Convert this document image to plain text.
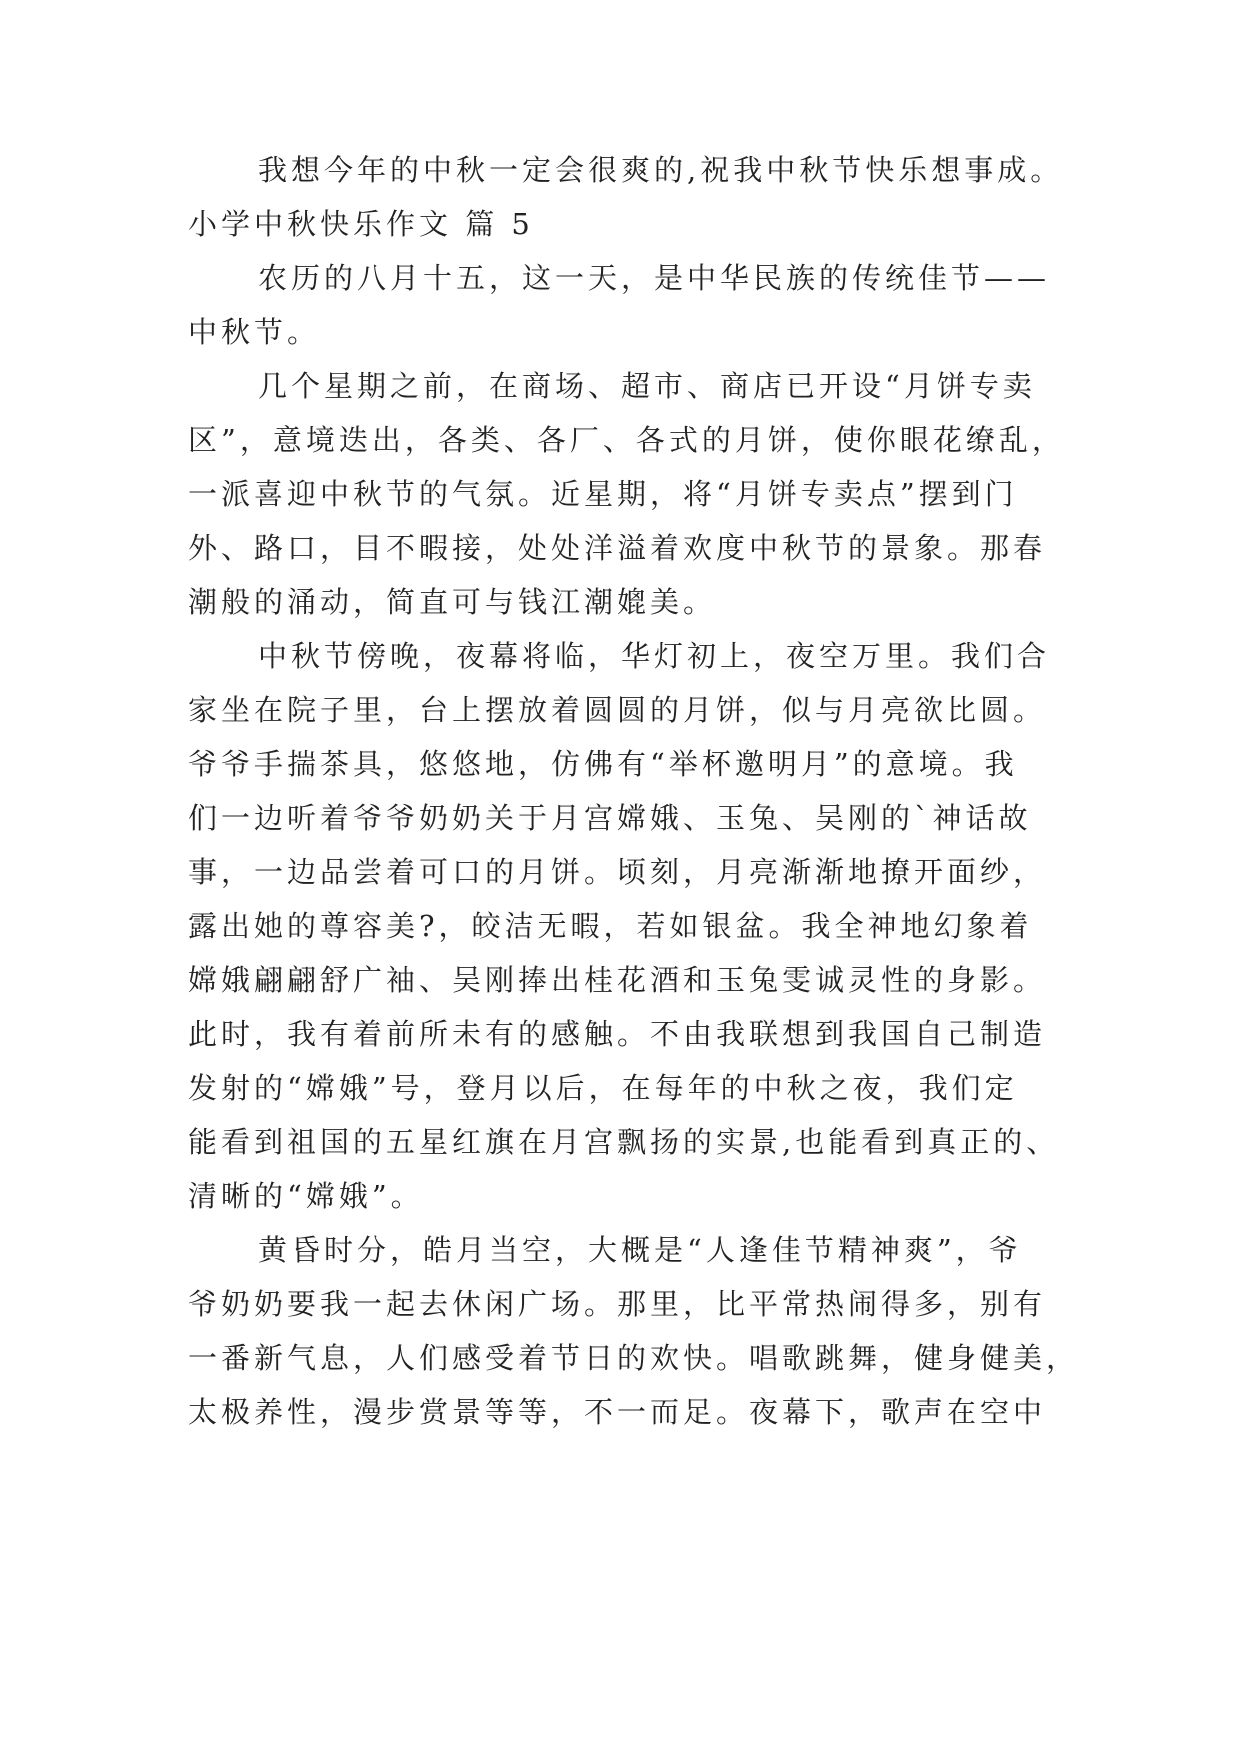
我想今年的中秋一定会很爽的,祝我中秋节快乐想事成。
小学中秋快乐作文 篇 5
农历的八月十五，这一天，是中华民族的传统佳节——
中秋节。
几个星期之前，在商场、超市、商店已开设“月饼专卖
区”，意境迭出，各类、各厂、各式的月饼，使你眼花缭乱，
一派喜迎中秋节的气氛。近星期，将“月饼专卖点”摆到门
外、路口，目不暇接，处处洋溢着欢度中秋节的景象。那春
潮般的涌动，简直可与钱江潮媲美。
中秋节傍晚，夜幕将临，华灯初上，夜空万里。我们合
家坐在院子里，台上摆放着圆圆的月饼，似与月亮欲比圆。
爷爷手揣茶具，悠悠地，仿佛有“举杯邀明月”的意境。我
们一边听着爷爷奶奶关于月宫嫦娥、玉兔、吴刚的`神话故
事，一边品尝着可口的月饼。顷刻，月亮渐渐地撩开面纱，
露出她的尊容美?，皎洁无暇，若如银盆。我全神地幻象着
嫦娥翩翩舒广袖、吴刚捧出桂花酒和玉兔雯诚灵性的身影。
此时，我有着前所未有的感触。不由我联想到我国自己制造
发射的“嫦娥”号，登月以后，在每年的中秋之夜，我们定
能看到祖国的五星红旗在月宫飘扬的实景,也能看到真正的、
清晰的“嫦娥”。
黄昏时分，皓月当空，大概是“人逢佳节精神爽”，爷
爷奶奶要我一起去休闲广场。那里，比平常热闹得多，别有
一番新气息，人们感受着节日的欢快。唱歌跳舞，健身健美，
太极养性，漫步赏景等等，不一而足。夜幕下，歌声在空中
